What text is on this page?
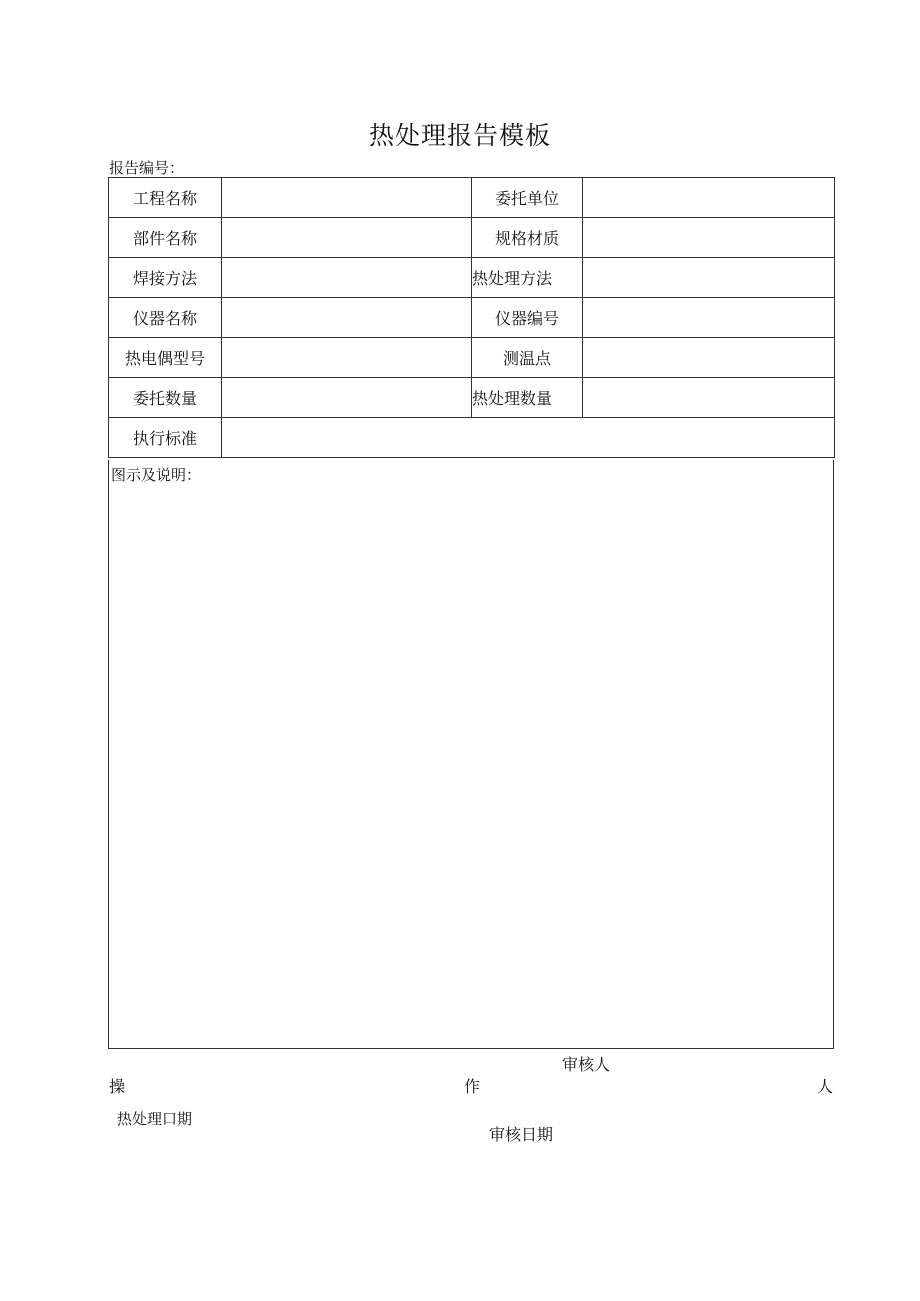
热处理报告模板
报告编号：
工程名称		委托单位	
部件名称		规格材质	
焊接方法		热处理方法	
仪器名称		仪器编号	
热电偶型号		测温点	
委托数量		热处理数量	
执行标准			
图示及说明：
审核人
操	作	人
热处理口期
审核日期
